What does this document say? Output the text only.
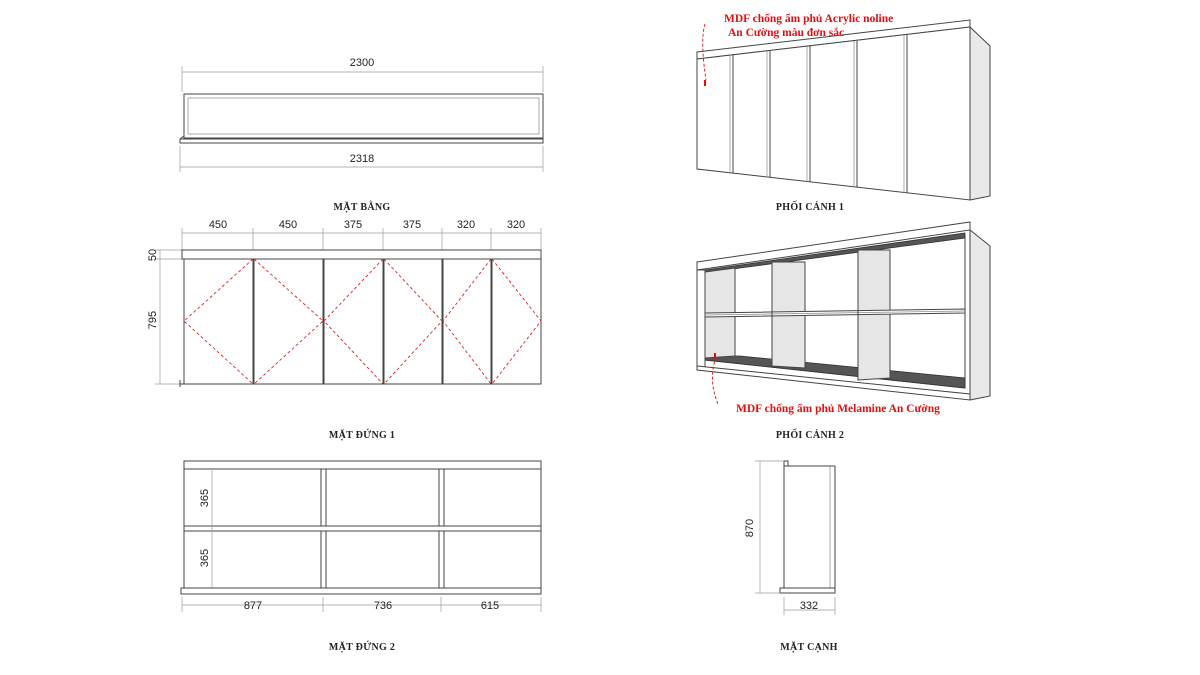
2300
2318
MẶT BẰNG
450	450	375	375	320	320
50
795
MẶT ĐỨNG 1
877	736	615
365
365
MẶT ĐỨNG 2
870
332
MẶT CẠNH
MDF chống ẩm phủ Acrylic noline
An Cường màu đơn sắc
PHỐI CẢNH 1
MDF chống ẩm phủ Melamine An Cường
PHỐI CẢNH 2
